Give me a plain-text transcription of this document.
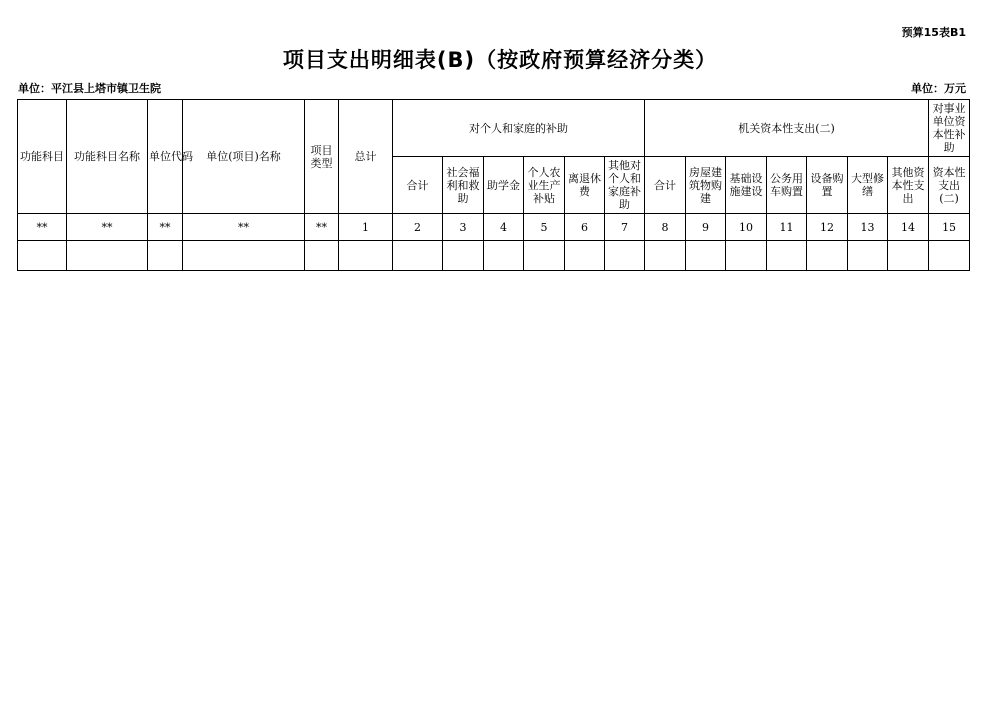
预算15表B1
项目支出明细表(B)（按政府预算经济分类）
单位：平江县上塔市镇卫生院	单位：万元
功能科目	功能科目名称	单位代码	单位(项目)名称	项目类型	总计	对个人和家庭的补助						机关资本性支出(二)							对事业单位资本性补助
						合计	社会福利和救助	助学金	个人农业生产补贴	离退休费	其他对个人和家庭补助	合计	房屋建筑物购建	基础设施建设	公务用车购置	设备购置	大型修缮	其他资本性支出	资本性支出(二)
**	**	**	**	**	1	2	3	4	5	6	7	8	9	10	11	12	13	14	15
